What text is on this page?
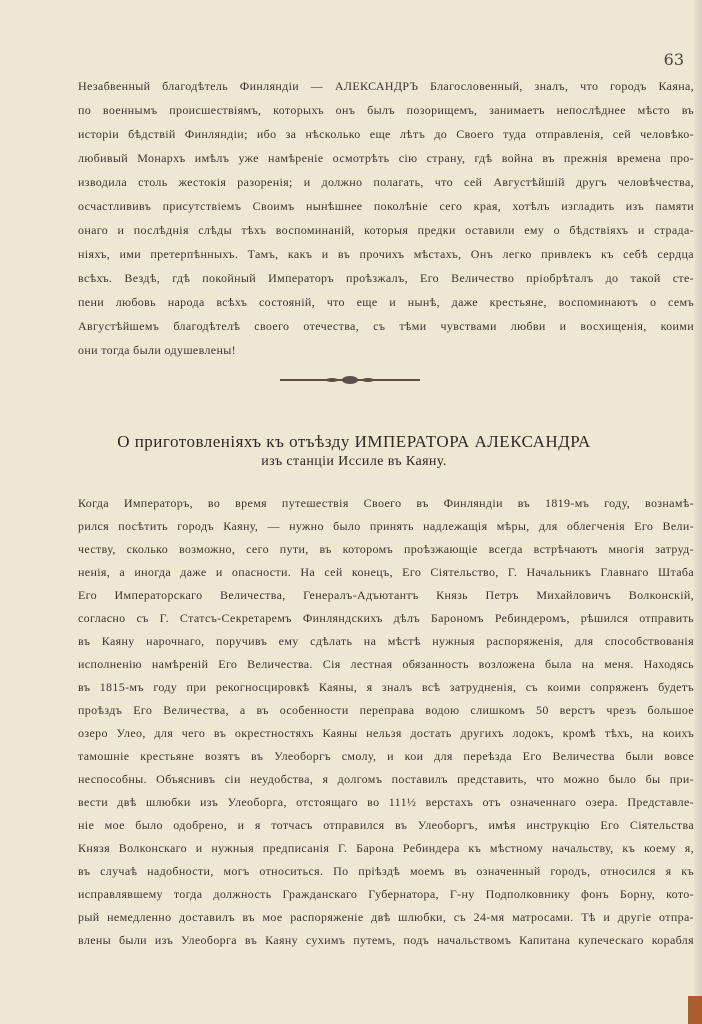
63
Незабвенный благодѣтель Финляндіи — АЛЕКСАНДРЪ Благословенный, зналъ, что городъ Каяна,
по военнымъ происшествіямъ, которыхъ онъ былъ позорищемъ, занимаетъ непослѣднее мѣсто въ
исторіи бѣдствій Финляндіи; ибо за нѣсколько еще лѣтъ до Своего туда отправленія, сей человѣко-
любивый Монархъ имѣлъ уже намѣреніе осмотрѣть сію страну, гдѣ война въ прежнія времена про-
изводила столь жестокія разоренія; и должно полагать, что сей Августѣйшій другъ человѣчества,
осчастлививъ присутствіемъ Своимъ нынѣшнее поколѣніе сего края, хотѣлъ изгладить изъ памяти
онаго и послѣднія слѣды тѣхъ воспоминаній, которыя предки оставили ему о бѣдствіяхъ и страда-
ніяхъ, ими претерпѣнныхъ. Тамъ, какъ и въ прочихъ мѣстахъ, Онъ легко привлекъ къ себѣ сердца
всѣхъ. Вездѣ, гдѣ покойный Императоръ проѣзжалъ, Его Величество пріобрѣталъ до такой сте-
пени любовь народа всѣхъ состояній, что еще и нынѣ, даже крестьяне, воспоминаютъ о семъ
Августѣйшемъ благодѣтелѣ своего отечества, съ тѣми чувствами любви и восхищенія, коими
они тогда были одушевлены!
О приготовленіяхъ къ отъѣзду ИМПЕРАТОРА АЛЕКСАНДРА
изъ станціи Иссиле въ Каяну.
Когда Императоръ, во время путешествія Своего въ Финляндіи въ 1819-мъ году, вознамѣ-
рился посѣтить городъ Каяну, — нужно было принять надлежащія мѣры, для облегченія Его Вели-
честву, сколько возможно, сего пути, въ которомъ проѣзжающіе всегда встрѣчаютъ многія затруд-
ненія, а иногда даже и опасности. На сей конецъ, Его Сіятельство, Г. Начальникъ Главнаго Штаба
Его Императорскаго Величества, Генералъ-Адъютантъ Князь Петръ Михайловичъ Волконскій,
согласно съ Г. Статсъ-Секретаремъ Финляндскихъ дѣлъ Барономъ Ребиндеромъ, рѣшился отправить
въ Каяну нарочнаго, поручивъ ему сдѣлать на мѣстѣ нужныя распоряженія, для способствованія
исполненію намѣреній Его Величества. Сія лестная обязанность возложена была на меня. Находясь
въ 1815-мъ году при рекогносцировкѣ Каяны, я зналъ всѣ затрудненія, съ коими сопряженъ будетъ
проѣздъ Его Величества, а въ особенности переправа водою слишкомъ 50 верстъ чрезъ большое
озеро Улео, для чего въ окрестностяхъ Каяны нельзя достать другихъ лодокъ, кромѣ тѣхъ, на коихъ
тамошніе крестьяне возятъ въ Улеоборгъ смолу, и кои для переѣзда Его Величества были вовсе
неспособны. Объяснивъ сіи неудобства, я долгомъ поставилъ представить, что можно было бы при-
вести двѣ шлюбки изъ Улеоборга, отстоящаго во 111½ верстахъ отъ означеннаго озера. Представле-
ніе мое было одобрено, и я тотчасъ отправился въ Улеоборгъ, имѣя инструкцію Его Сіятельства
Князя Волконскаго и нужныя предписанія Г. Барона Ребиндера къ мѣстному начальству, къ коему я,
въ случаѣ надобности, могъ относиться. По пріѣздѣ моемъ въ означенный городъ, относился я къ
исправлявшему тогда должность Гражданскаго Губернатора, Г-ну Подполковнику фонъ Борну, кото-
рый немедленно доставилъ въ мое распоряженіе двѣ шлюбки, съ 24-мя матросами. Тѣ и другіе отпра-
влены были изъ Улеоборга въ Каяну сухимъ путемъ, подъ начальствомъ Капитана купеческаго корабля
